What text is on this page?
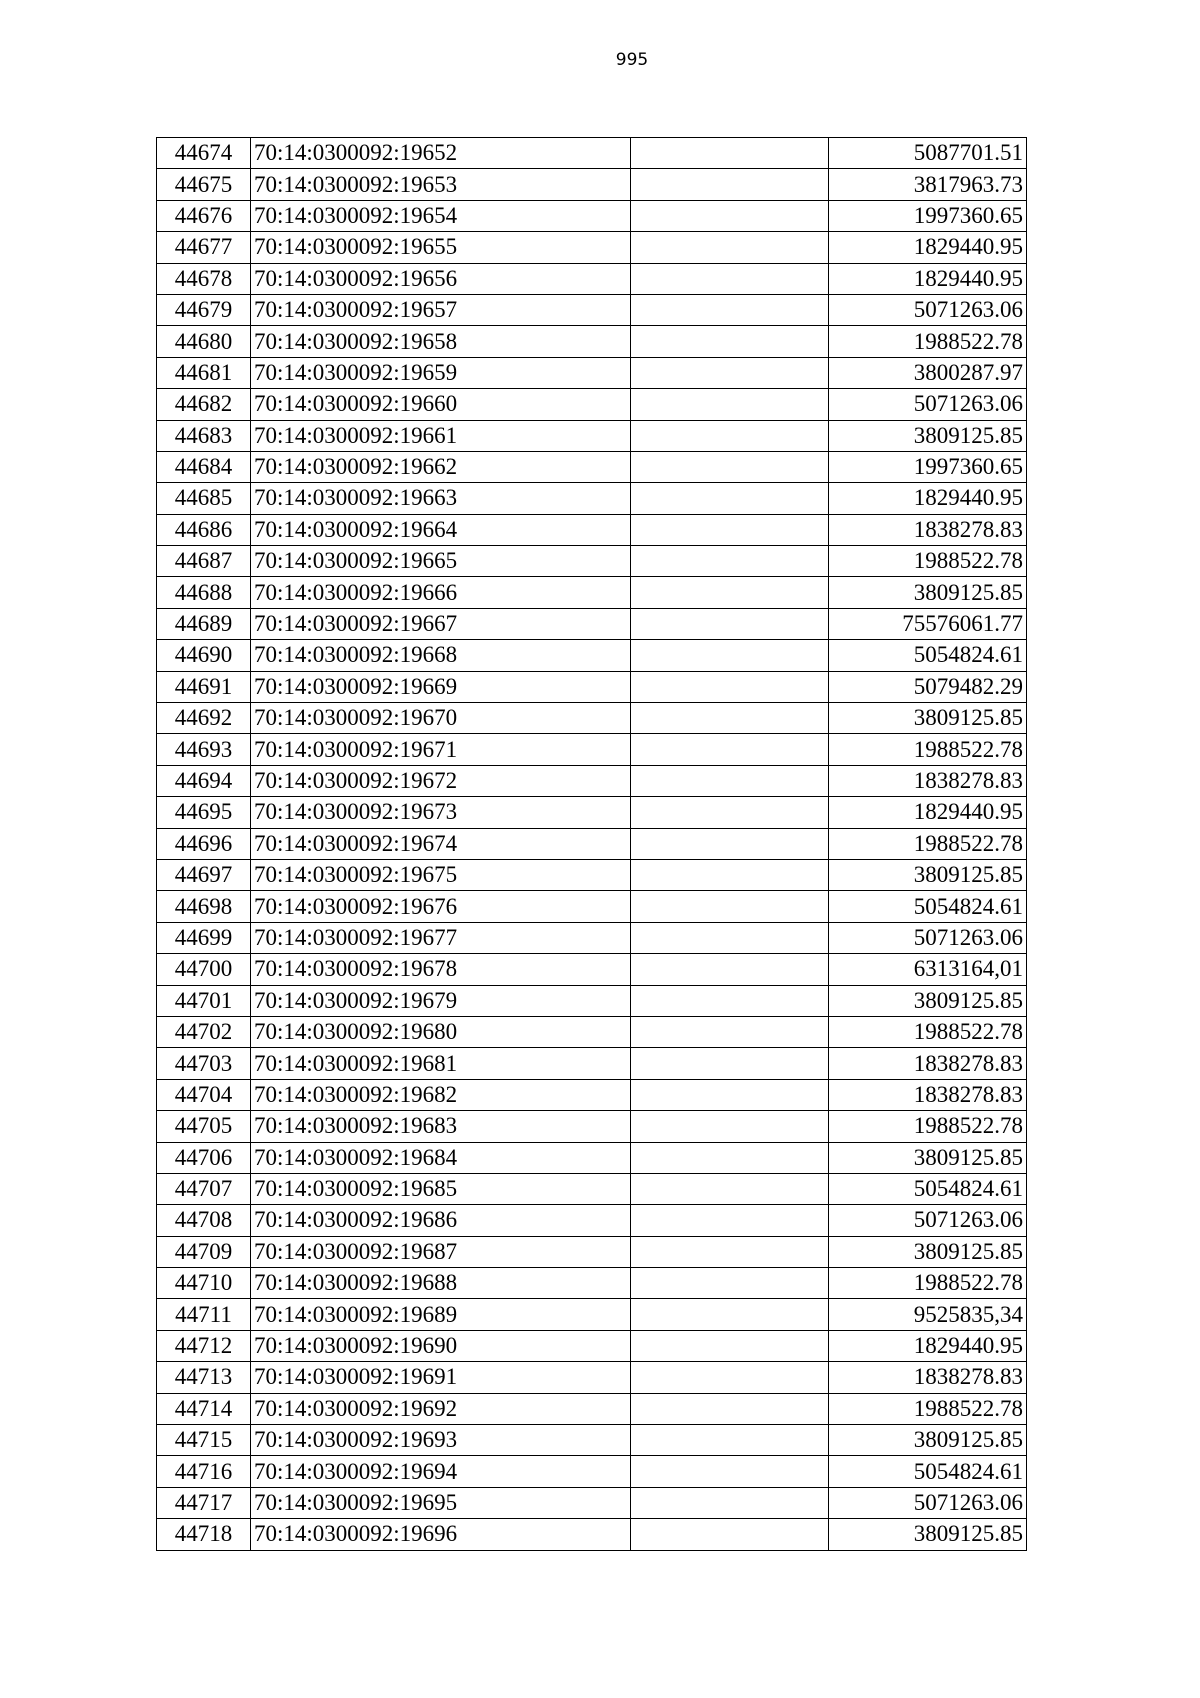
995
44674	70:14:0300092:19652		5087701.51
44675	70:14:0300092:19653		3817963.73
44676	70:14:0300092:19654		1997360.65
44677	70:14:0300092:19655		1829440.95
44678	70:14:0300092:19656		1829440.95
44679	70:14:0300092:19657		5071263.06
44680	70:14:0300092:19658		1988522.78
44681	70:14:0300092:19659		3800287.97
44682	70:14:0300092:19660		5071263.06
44683	70:14:0300092:19661		3809125.85
44684	70:14:0300092:19662		1997360.65
44685	70:14:0300092:19663		1829440.95
44686	70:14:0300092:19664		1838278.83
44687	70:14:0300092:19665		1988522.78
44688	70:14:0300092:19666		3809125.85
44689	70:14:0300092:19667		75576061.77
44690	70:14:0300092:19668		5054824.61
44691	70:14:0300092:19669		5079482.29
44692	70:14:0300092:19670		3809125.85
44693	70:14:0300092:19671		1988522.78
44694	70:14:0300092:19672		1838278.83
44695	70:14:0300092:19673		1829440.95
44696	70:14:0300092:19674		1988522.78
44697	70:14:0300092:19675		3809125.85
44698	70:14:0300092:19676		5054824.61
44699	70:14:0300092:19677		5071263.06
44700	70:14:0300092:19678		6313164,01
44701	70:14:0300092:19679		3809125.85
44702	70:14:0300092:19680		1988522.78
44703	70:14:0300092:19681		1838278.83
44704	70:14:0300092:19682		1838278.83
44705	70:14:0300092:19683		1988522.78
44706	70:14:0300092:19684		3809125.85
44707	70:14:0300092:19685		5054824.61
44708	70:14:0300092:19686		5071263.06
44709	70:14:0300092:19687		3809125.85
44710	70:14:0300092:19688		1988522.78
44711	70:14:0300092:19689		9525835,34
44712	70:14:0300092:19690		1829440.95
44713	70:14:0300092:19691		1838278.83
44714	70:14:0300092:19692		1988522.78
44715	70:14:0300092:19693		3809125.85
44716	70:14:0300092:19694		5054824.61
44717	70:14:0300092:19695		5071263.06
44718	70:14:0300092:19696		3809125.85
